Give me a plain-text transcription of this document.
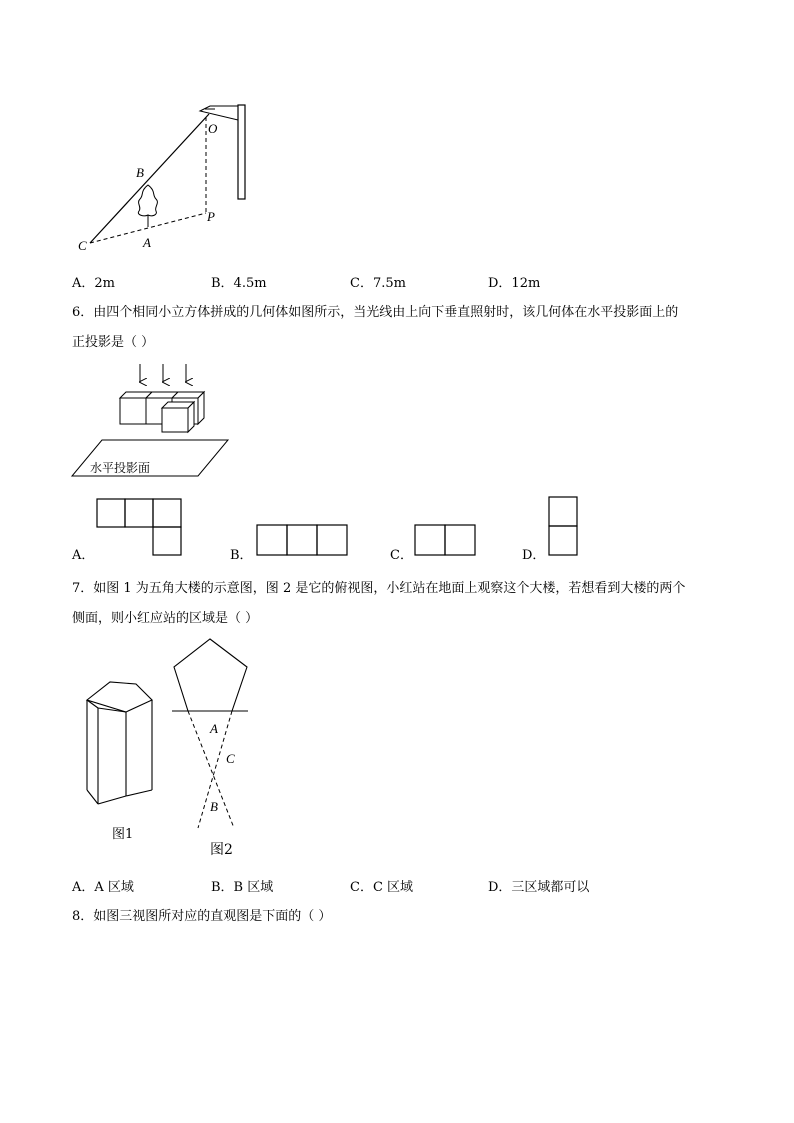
O
B
P
A
C
A．2m	B．4.5m	C．7.5m	D．12m
6．由四个相同小立方体拼成的几何体如图所示，当光线由上向下垂直照射时，该几何体在水平投影面上的
正投影是（ ）
水平投影面
A．	B．	C．	D．
7．如图 1 为五角大楼的示意图，图 2 是它的俯视图，小红站在地面上观察这个大楼，若想看到大楼的两个
侧面，则小红应站的区域是（ ）
图1
A
C
B
图2
A．A 区域	B．B 区域	C．C 区域	D．三区域都可以
8．如图三视图所对应的直观图是下面的（ ）
